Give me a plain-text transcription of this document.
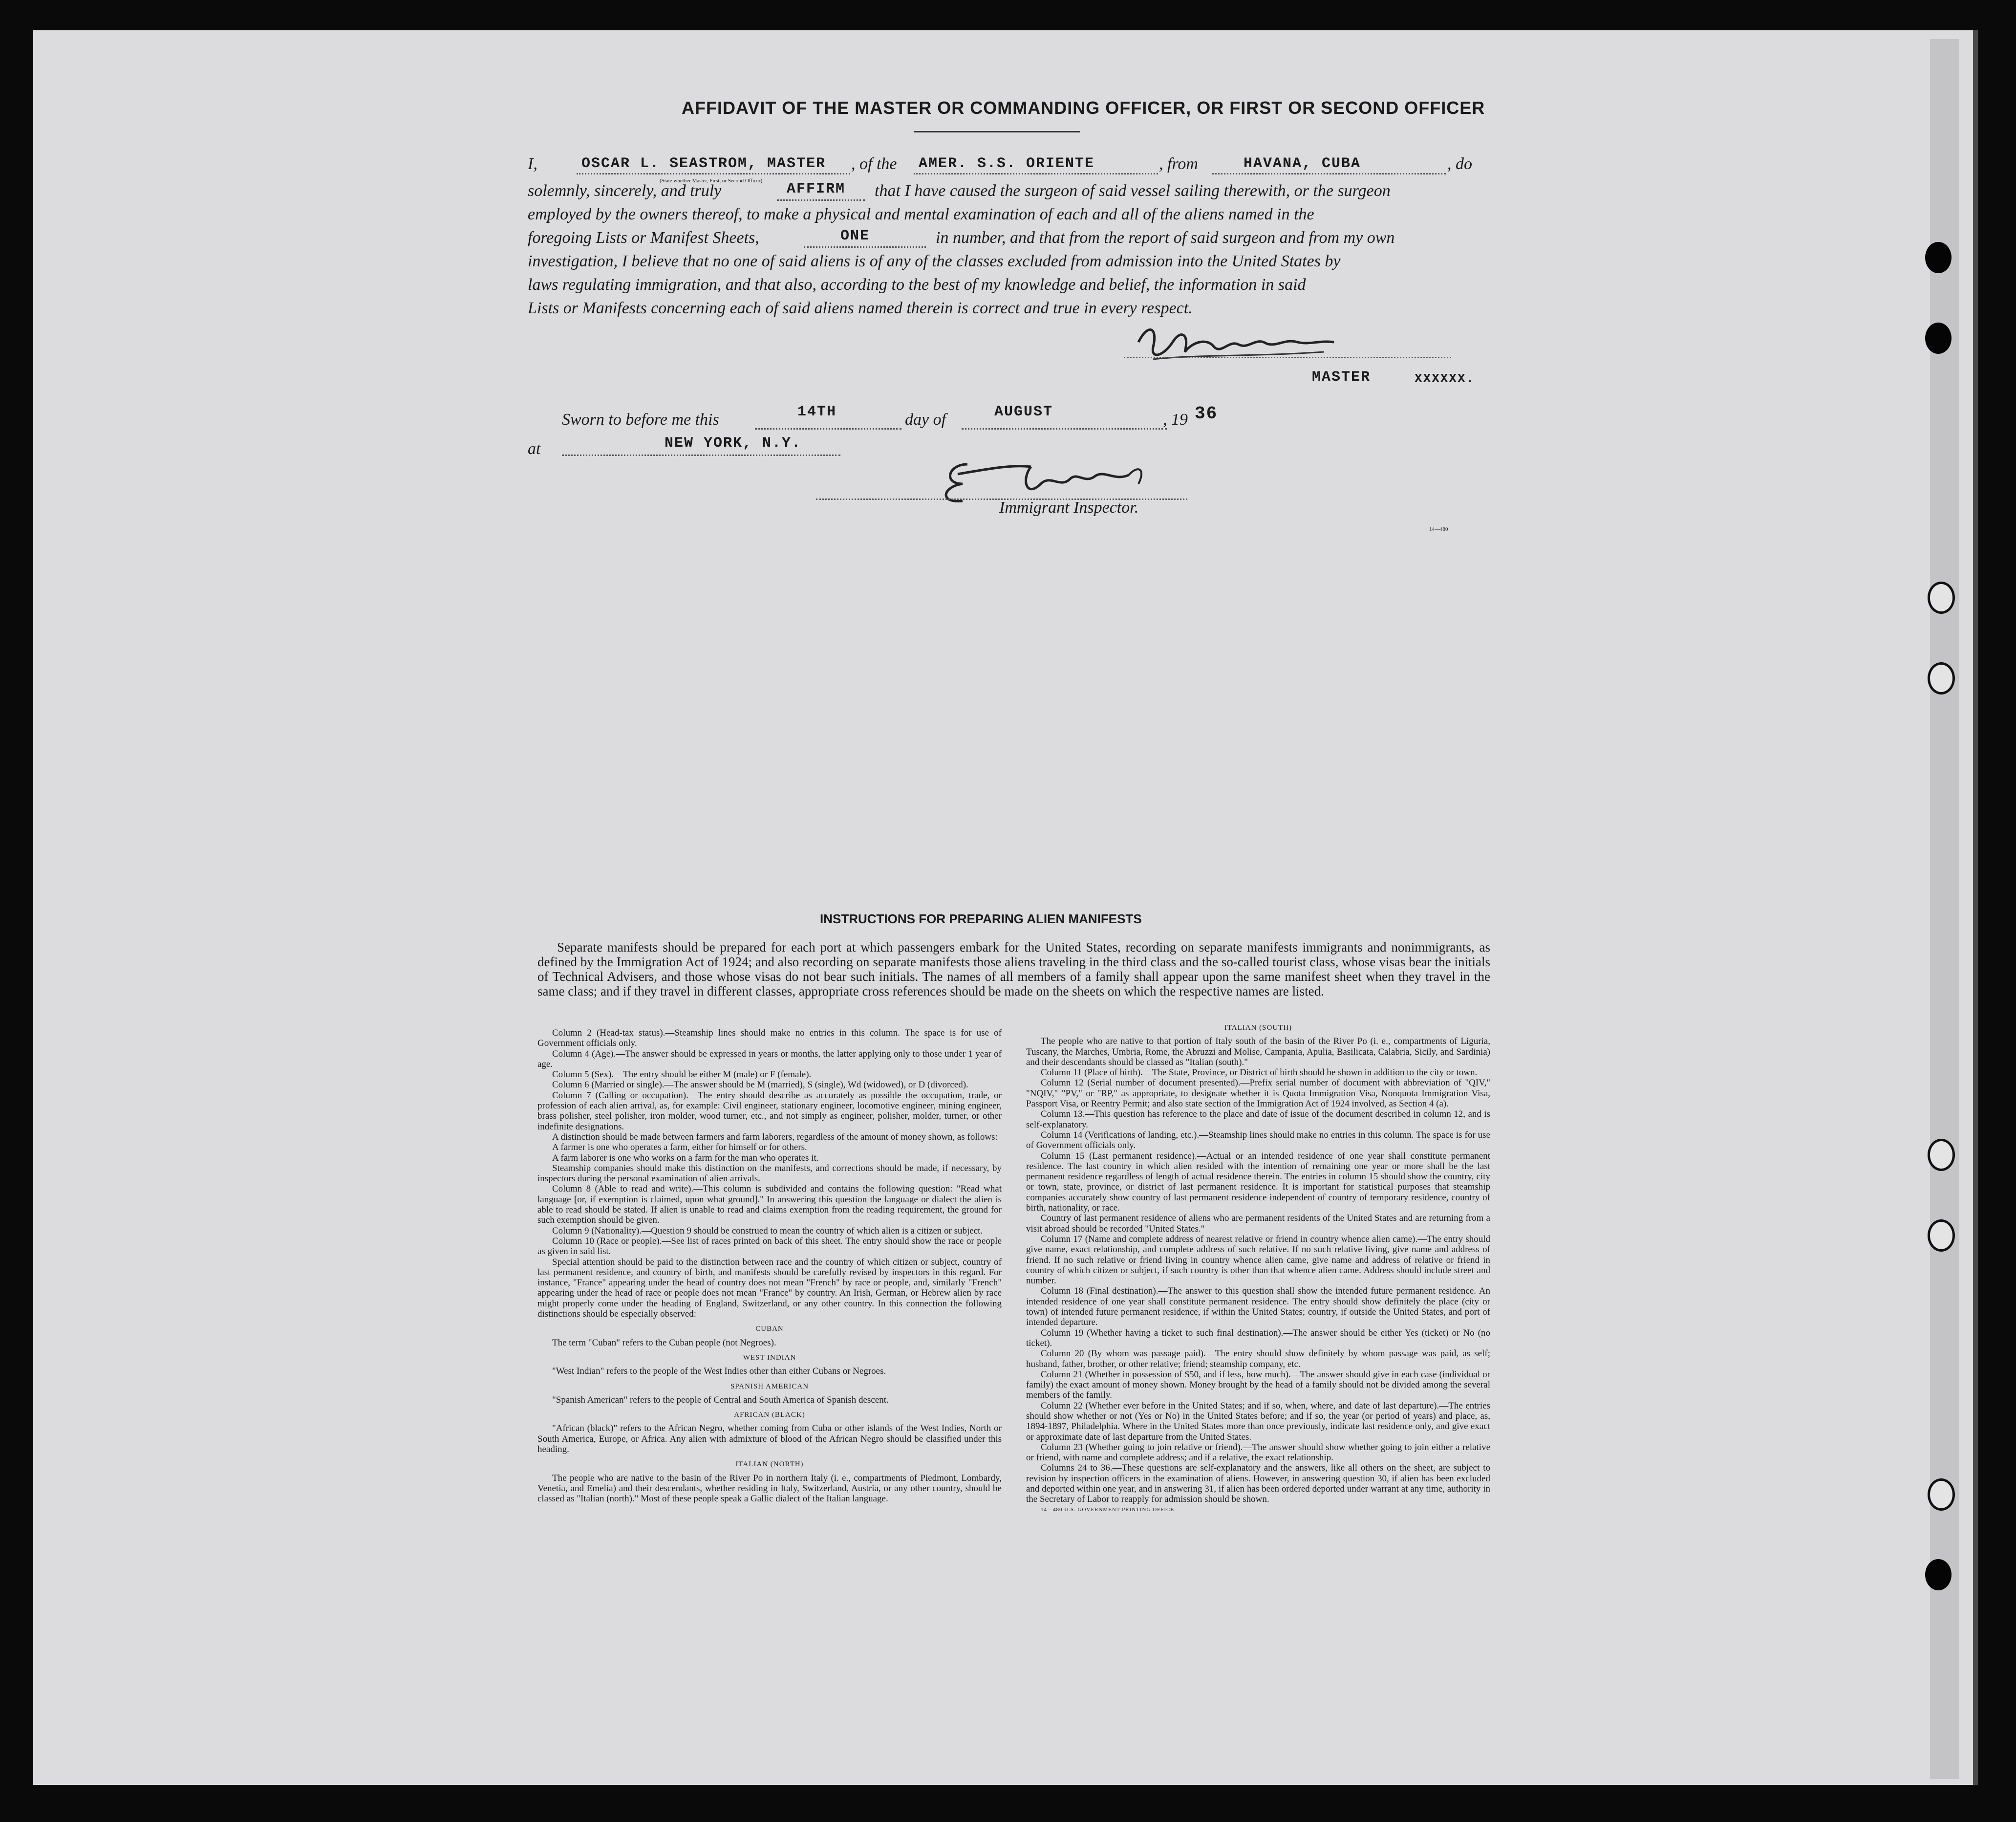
AFFIDAVIT OF THE MASTER OR COMMANDING OFFICER, OR FIRST OR SECOND OFFICER
I,	OSCAR L. SEASTROM, MASTER , of the AMER. S.S. ORIENTE	, from	HAVANA, CUBA	, do
(State whether Master, First, or Second Officer)
solemnly, sincerely, and truly	AFFIRM that I have caused the surgeon of said vessel sailing therewith, or the surgeon
employed by the owners thereof, to make a physical and mental examination of each and all of the aliens named in the
foregoing Lists or Manifest Sheets,	ONE	in number, and that from the report of said surgeon and from my own
investigation, I believe that no one of said aliens is of any of the classes excluded from admission into the United States by
laws regulating immigration, and that also, according to the best of my knowledge and belief, the information in said
Lists or Manifests concerning each of said aliens named therein is correct and true in every respect.
MASTER	XXXXXX.
Sworn to before me this	14TH	day of	AUGUST	, 19 36
at	NEW YORK, N.Y.
Immigrant Inspector.
14—480
INSTRUCTIONS FOR PREPARING ALIEN MANIFESTS
Separate manifests should be prepared for each port at which passengers embark for the United States, recording on separate manifests immigrants and nonimmigrants, as defined by the Immigration Act of 1924; and also recording on separate manifests those aliens traveling in the third class and the so-called tourist class, whose visas bear the initials of Technical Advisers, and those whose visas do not bear such initials. The names of all members of a family shall appear upon the same manifest sheet when they travel in the same class; and if they travel in different classes, appropriate cross references should be made on the sheets on which the respective names are listed.

Column 2 (Head-tax status).—Steamship lines should make no entries in this column. The space is for use of Government officials only.

Column 4 (Age).—The answer should be expressed in years or months, the latter applying only to those under 1 year of age.

Column 5 (Sex).—The entry should be either M (male) or F (female).

Column 6 (Married or single).—The answer should be M (married), S (single), Wd (widowed), or D (divorced).

Column 7 (Calling or occupation).—The entry should describe as accurately as possible the occupation, trade, or profession of each alien arrival, as, for example: Civil engineer, stationary engineer, locomotive engineer, mining engineer, brass polisher, steel polisher, iron molder, wood turner, etc., and not simply as engineer, polisher, molder, turner, or other indefinite designations.

A distinction should be made between farmers and farm laborers, regardless of the amount of money shown, as follows:

A farmer is one who operates a farm, either for himself or for others.

A farm laborer is one who works on a farm for the man who operates it.

Steamship companies should make this distinction on the manifests, and corrections should be made, if necessary, by inspectors during the personal examination of alien arrivals.

Column 8 (Able to read and write).—This column is subdivided and contains the following question: "Read what language [or, if exemption is claimed, upon what ground]." In answering this question the language or dialect the alien is able to read should be stated. If alien is unable to read and claims exemption from the reading requirement, the ground for such exemption should be given.

Column 9 (Nationality).—Question 9 should be construed to mean the country of which alien is a citizen or subject.

Column 10 (Race or people).—See list of races printed on back of this sheet. The entry should show the race or people as given in said list.

Special attention should be paid to the distinction between race and the country of which citizen or subject, country of last permanent residence, and country of birth, and manifests should be carefully revised by inspectors in this regard. For instance, "France" appearing under the head of country does not mean "French" by race or people, and, similarly "French" appearing under the head of race or people does not mean "France" by country. An Irish, German, or Hebrew alien by race might properly come under the heading of England, Switzerland, or any other country. In this connection the following distinctions should be especially observed:

CUBAN

The term "Cuban" refers to the Cuban people (not Negroes).

WEST INDIAN

"West Indian" refers to the people of the West Indies other than either Cubans or Negroes.

SPANISH AMERICAN

"Spanish American" refers to the people of Central and South America of Spanish descent.

AFRICAN (BLACK)

"African (black)" refers to the African Negro, whether coming from Cuba or other islands of the West Indies, North or South America, Europe, or Africa. Any alien with admixture of blood of the African Negro should be classified under this heading.

ITALIAN (NORTH)

The people who are native to the basin of the River Po in northern Italy (i. e., compartments of Piedmont, Lombardy, Venetia, and Emelia) and their descendants, whether residing in Italy, Switzerland, Austria, or any other country, should be classed as "Italian (north)." Most of these people speak a Gallic dialect of the Italian language.

ITALIAN (SOUTH)

The people who are native to that portion of Italy south of the basin of the River Po (i. e., compartments of Liguria, Tuscany, the Marches, Umbria, Rome, the Abruzzi and Molise, Campania, Apulia, Basilicata, Calabria, Sicily, and Sardinia) and their descendants should be classed as "Italian (south)."

Column 11 (Place of birth).—The State, Province, or District of birth should be shown in addition to the city or town.

Column 12 (Serial number of document presented).—Prefix serial number of document with abbreviation of "QIV," "NQIV," "PV," or "RP," as appropriate, to designate whether it is Quota Immigration Visa, Nonquota Immigration Visa, Passport Visa, or Reentry Permit; and also state section of the Immigration Act of 1924 involved, as Section 4 (a).

Column 13.—This question has reference to the place and date of issue of the document described in column 12, and is self-explanatory.

Column 14 (Verifications of landing, etc.).—Steamship lines should make no entries in this column. The space is for use of Government officials only.

Column 15 (Last permanent residence).—Actual or an intended residence of one year shall constitute permanent residence. The last country in which alien resided with the intention of remaining one year or more shall be the last permanent residence regardless of length of actual residence therein. The entries in column 15 should show the country, city or town, state, province, or district of last permanent residence. It is important for statistical purposes that steamship companies accurately show country of last permanent residence independent of country of temporary residence, country of birth, nationality, or race.

Country of last permanent residence of aliens who are permanent residents of the United States and are returning from a visit abroad should be recorded "United States."

Column 17 (Name and complete address of nearest relative or friend in country whence alien came).—The entry should give name, exact relationship, and complete address of such relative. If no such relative living, give name and address of friend. If no such relative or friend living in country whence alien came, give name and address of relative or friend in country of which citizen or subject, if such country is other than that whence alien came. Address should include street and number.

Column 18 (Final destination).—The answer to this question shall show the intended future permanent residence. An intended residence of one year shall constitute permanent residence. The entry should show definitely the place (city or town) of intended future permanent residence, if within the United States; country, if outside the United States, and port of intended departure.

Column 19 (Whether having a ticket to such final destination).—The answer should be either Yes (ticket) or No (no ticket).

Column 20 (By whom was passage paid).—The entry should show definitely by whom passage was paid, as self; husband, father, brother, or other relative; friend; steamship company, etc.

Column 21 (Whether in possession of $50, and if less, how much).—The answer should give in each case (individual or family) the exact amount of money shown. Money brought by the head of a family should not be divided among the several members of the family.

Column 22 (Whether ever before in the United States; and if so, when, where, and date of last departure).—The entries should show whether or not (Yes or No) in the United States before; and if so, the year (or period of years) and place, as, 1894-1897, Philadelphia. Where in the United States more than once previously, indicate last residence only, and give exact or approximate date of last departure from the United States.

Column 23 (Whether going to join relative or friend).—The answer should show whether going to join either a relative or friend, with name and complete address; and if a relative, the exact relationship.

Columns 24 to 36.—These questions are self-explanatory and the answers, like all others on the sheet, are subject to revision by inspection officers in the examination of aliens. However, in answering question 30, if alien has been excluded and deported within one year, and in answering 31, if alien has been ordered deported under warrant at any time, authority in the Secretary of Labor to reapply for admission should be shown.

14—480 U.S. GOVERNMENT PRINTING OFFICE
